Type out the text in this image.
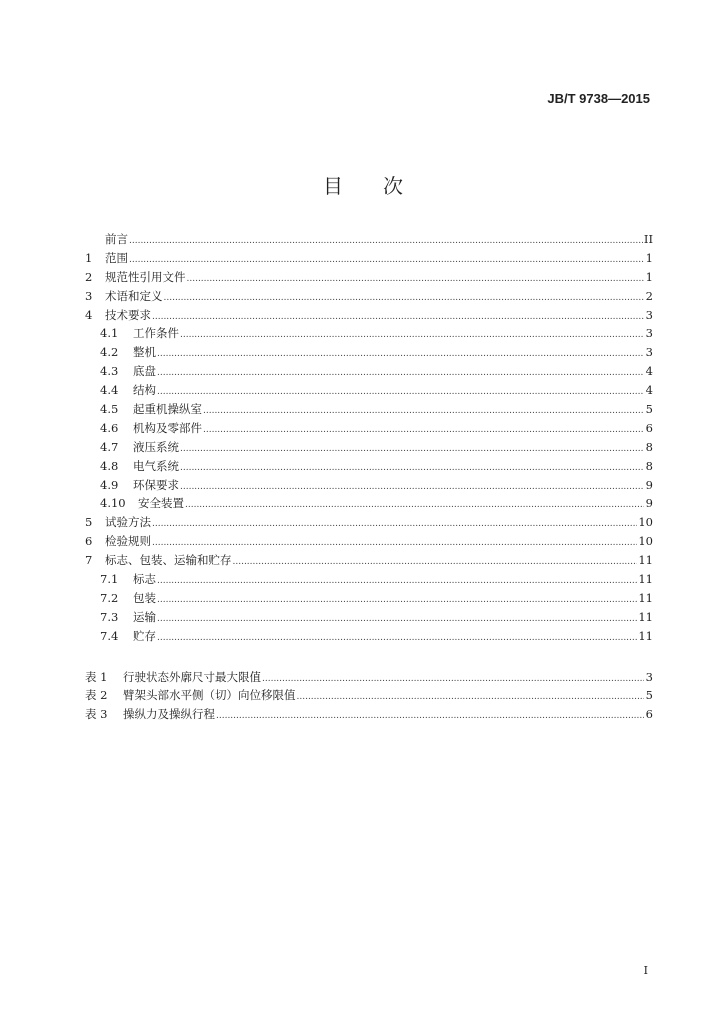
JB/T 9738—2015
目次
前言 .....	II
1	范围 .....	1
2	规范性引用文件 .....	1
3	术语和定义 .....	2
4	技术要求 .....	3
4.1	工作条件 .....	3
4.2	整机 .....	3
4.3	底盘 .....	4
4.4	结构 .....	4
4.5	起重机操纵室 .....	5
4.6	机构及零部件 .....	6
4.7	液压系统 .....	8
4.8	电气系统 .....	8
4.9	环保要求 .....	9
4.10	安全装置 .....	9
5	试验方法 .....	10
6	检验规则 .....	10
7	标志、包装、运输和贮存 .....	11
7.1	标志 .....	11
7.2	包装 .....	11
7.3	运输 .....	11
7.4	贮存 .....	11
表 1	行驶状态外廓尺寸最大限值 .....	3
表 2	臂架头部水平侧（切）向位移限值 .....	5
表 3	操纵力及操纵行程 .....	6
I
